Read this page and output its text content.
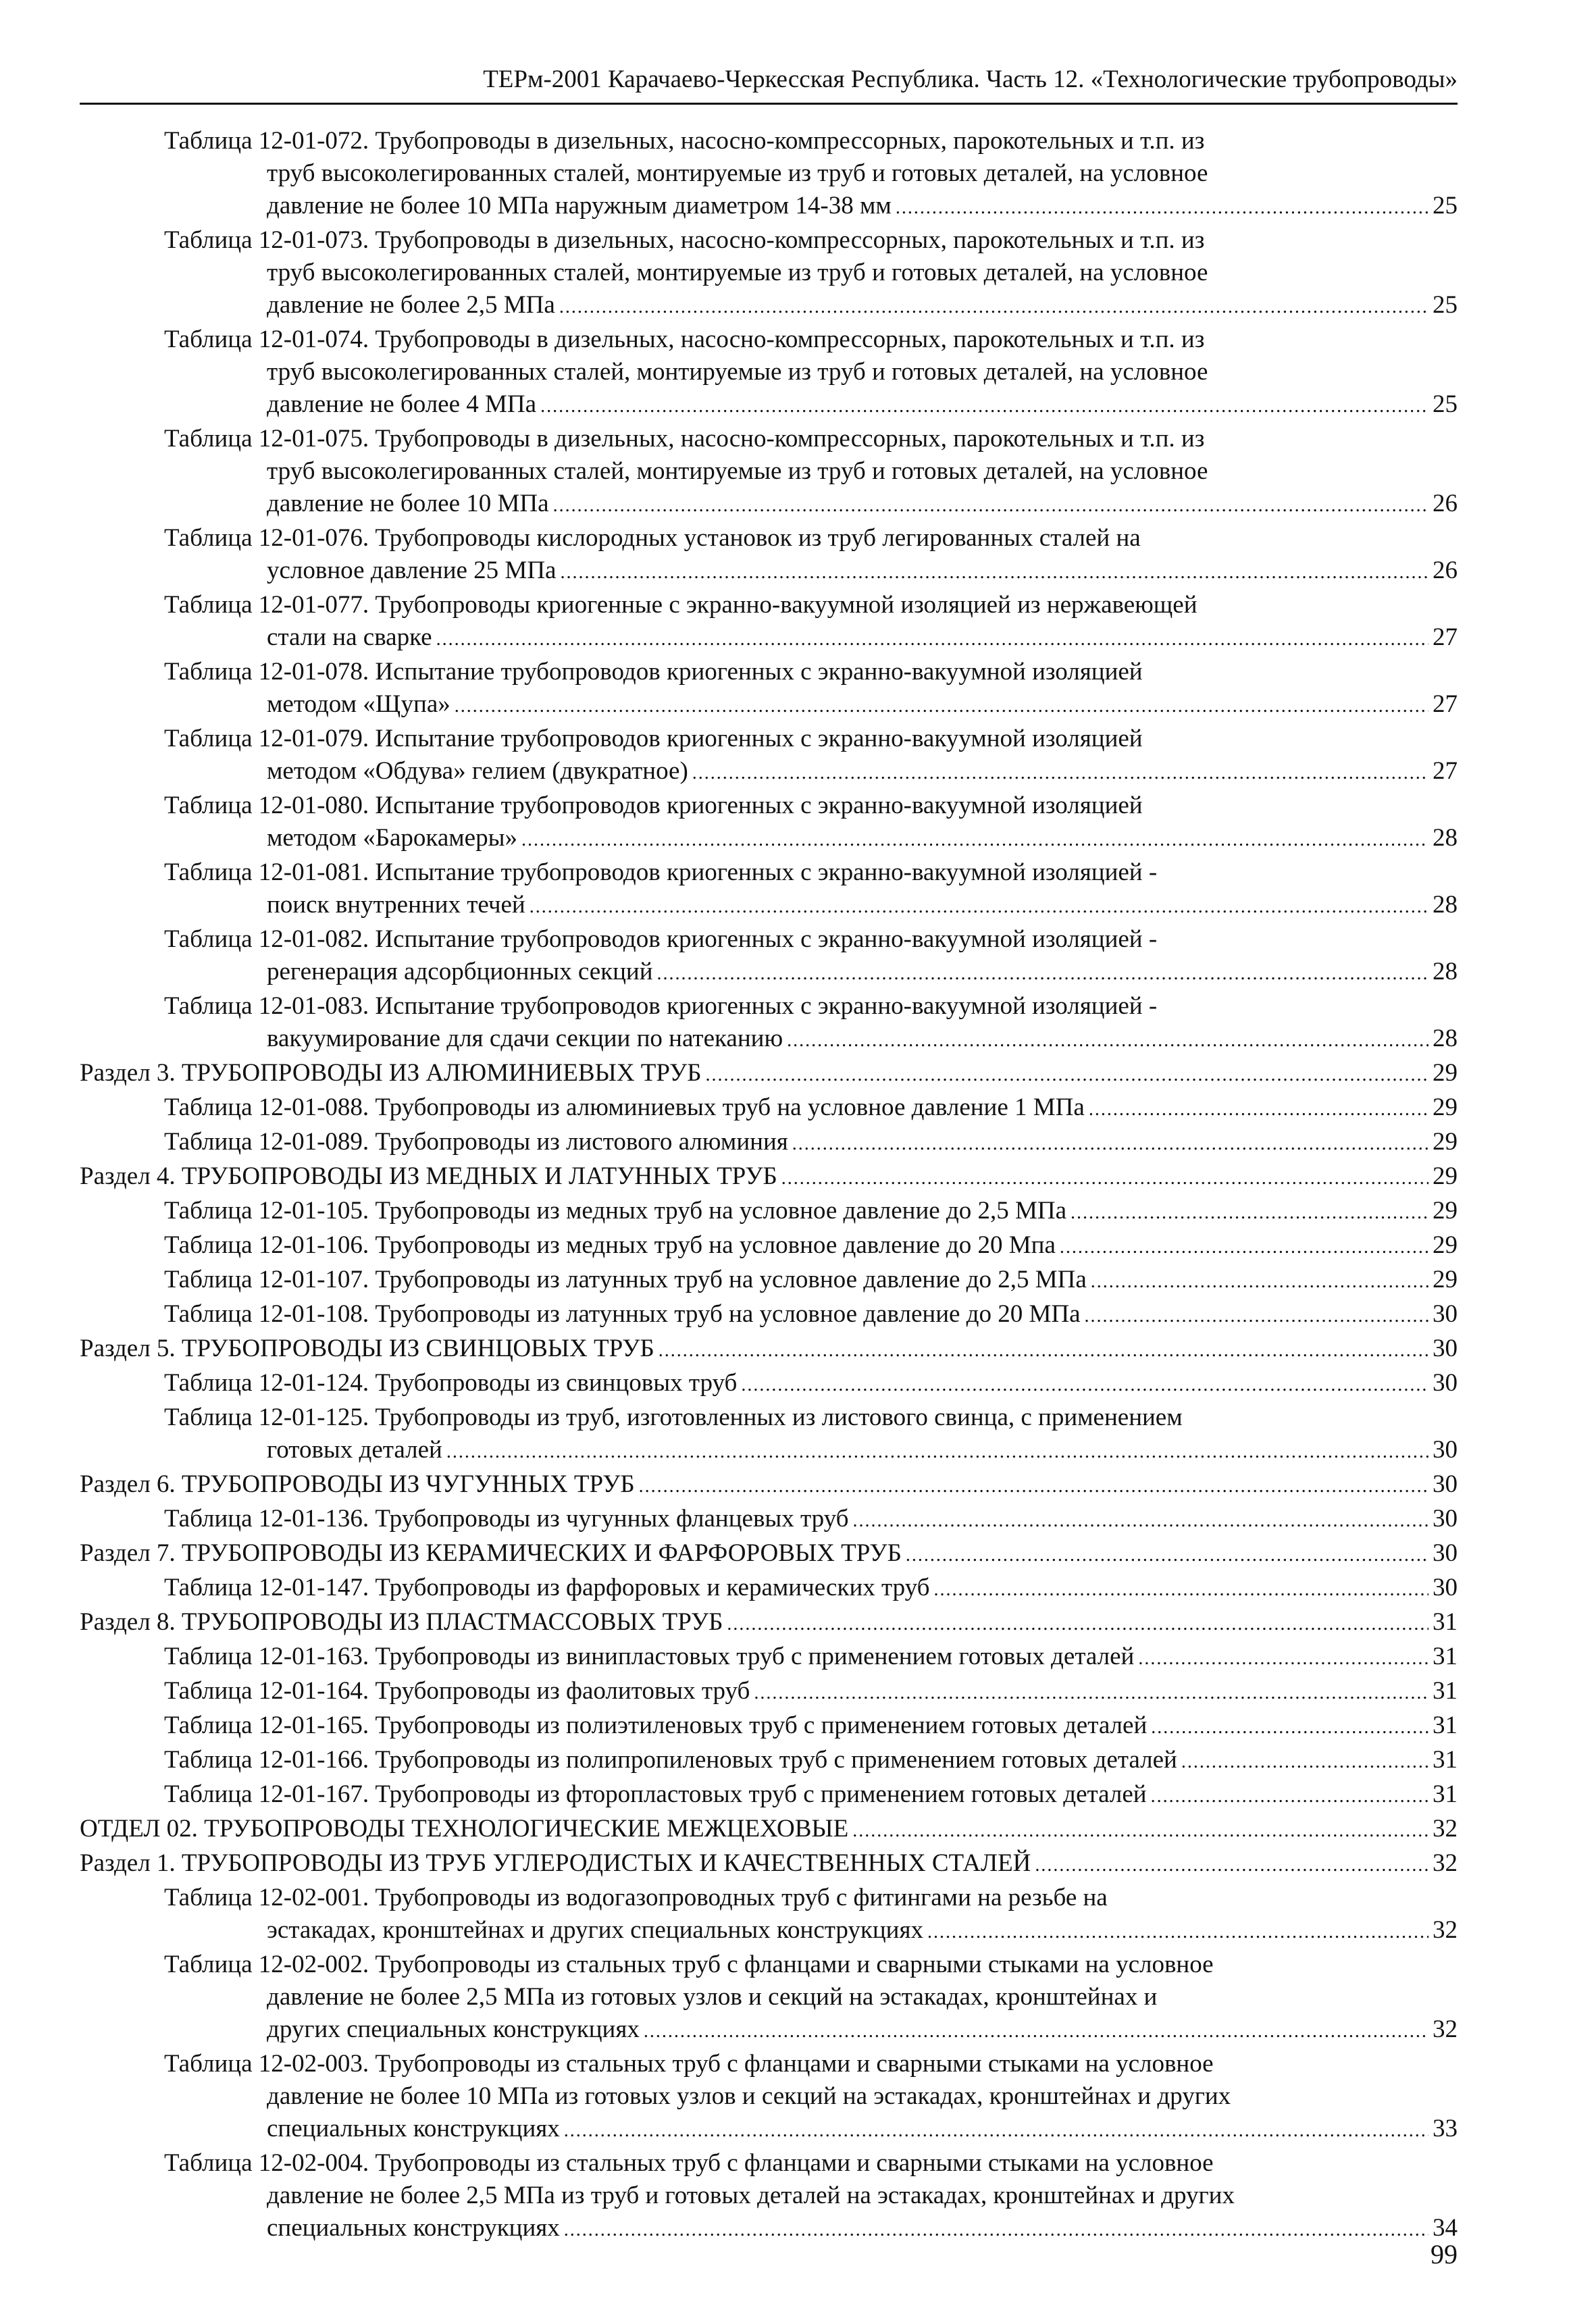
ТЕРм-2001 Карачаево-Черкесская Республика. Часть 12. «Технологические трубопроводы»
Таблица 12-01-072. Трубопроводы в дизельных, насосно-компрессорных, парокотельных и т.п. из
труб высоколегированных сталей, монтируемые из труб и готовых деталей, на условное
давление не более 10 МПа наружным диаметром 14-38 мм .....	25
Таблица 12-01-073. Трубопроводы в дизельных, насосно-компрессорных, парокотельных и т.п. из
труб высоколегированных сталей, монтируемые из труб и готовых деталей, на условное
давление не более 2,5 МПа .....	25
Таблица 12-01-074. Трубопроводы в дизельных, насосно-компрессорных, парокотельных и т.п. из
труб высоколегированных сталей, монтируемые из труб и готовых деталей, на условное
давление не более 4 МПа .....	25
Таблица 12-01-075. Трубопроводы в дизельных, насосно-компрессорных, парокотельных и т.п. из
труб высоколегированных сталей, монтируемые из труб и готовых деталей, на условное
давление не более 10 МПа .....	26
Таблица 12-01-076. Трубопроводы кислородных установок из труб легированных сталей на
условное давление 25 МПа .....	26
Таблица 12-01-077. Трубопроводы криогенные с экранно-вакуумной изоляцией из нержавеющей
стали на сварке .....	27
Таблица 12-01-078. Испытание трубопроводов криогенных с экранно-вакуумной изоляцией
методом «Щупа» .....	27
Таблица 12-01-079. Испытание трубопроводов криогенных с экранно-вакуумной изоляцией
методом «Обдува» гелием (двукратное) .....	27
Таблица 12-01-080. Испытание трубопроводов криогенных с экранно-вакуумной изоляцией
методом «Барокамеры» .....	28
Таблица 12-01-081. Испытание трубопроводов криогенных с экранно-вакуумной изоляцией -
поиск внутренних течей .....	28
Таблица 12-01-082. Испытание трубопроводов криогенных с экранно-вакуумной изоляцией -
регенерация адсорбционных секций .....	28
Таблица 12-01-083. Испытание трубопроводов криогенных с экранно-вакуумной изоляцией -
вакуумирование для сдачи секции по натеканию .....	28
Раздел 3. ТРУБОПРОВОДЫ ИЗ АЛЮМИНИЕВЫХ ТРУБ .....	29
Таблица 12-01-088. Трубопроводы из алюминиевых труб на условное давление 1 МПа .....	29
Таблица 12-01-089. Трубопроводы из листового алюминия .....	29
Раздел 4. ТРУБОПРОВОДЫ ИЗ МЕДНЫХ И ЛАТУННЫХ ТРУБ .....	29
Таблица 12-01-105. Трубопроводы из медных труб на условное давление до 2,5 МПа .....	29
Таблица 12-01-106. Трубопроводы из медных труб на условное давление до 20 Мпа .....	29
Таблица 12-01-107. Трубопроводы из латунных труб на условное давление до 2,5 МПа .....	29
Таблица 12-01-108. Трубопроводы из латунных труб на условное давление до 20 МПа .....	30
Раздел 5. ТРУБОПРОВОДЫ ИЗ СВИНЦОВЫХ ТРУБ .....	30
Таблица 12-01-124. Трубопроводы из свинцовых труб .....	30
Таблица 12-01-125. Трубопроводы из труб, изготовленных из листового свинца, с применением
готовых деталей .....	30
Раздел 6. ТРУБОПРОВОДЫ ИЗ ЧУГУННЫХ ТРУБ .....	30
Таблица 12-01-136. Трубопроводы из чугунных фланцевых труб .....	30
Раздел 7. ТРУБОПРОВОДЫ ИЗ КЕРАМИЧЕСКИХ И ФАРФОРОВЫХ ТРУБ .....	30
Таблица 12-01-147. Трубопроводы из фарфоровых и керамических труб .....	30
Раздел 8. ТРУБОПРОВОДЫ ИЗ ПЛАСТМАССОВЫХ ТРУБ .....	31
Таблица 12-01-163. Трубопроводы из винипластовых труб с применением готовых деталей .....	31
Таблица 12-01-164. Трубопроводы из фаолитовых труб .....	31
Таблица 12-01-165. Трубопроводы из полиэтиленовых труб с применением готовых деталей .....	31
Таблица 12-01-166. Трубопроводы из полипропиленовых труб с применением готовых деталей .....	31
Таблица 12-01-167. Трубопроводы из фторопластовых труб с применением готовых деталей .....	31
ОТДЕЛ 02. ТРУБОПРОВОДЫ ТЕХНОЛОГИЧЕСКИЕ МЕЖЦЕХОВЫЕ .....	32
Раздел 1. ТРУБОПРОВОДЫ ИЗ ТРУБ УГЛЕРОДИСТЫХ И КАЧЕСТВЕННЫХ СТАЛЕЙ .....	32
Таблица 12-02-001. Трубопроводы из водогазопроводных труб с фитингами на резьбе на
эстакадах, кронштейнах и других специальных конструкциях .....	32
Таблица 12-02-002. Трубопроводы из стальных труб с фланцами и сварными стыками на условное
давление не более 2,5 МПа из готовых узлов и секций на эстакадах, кронштейнах и
других специальных конструкциях .....	32
Таблица 12-02-003. Трубопроводы из стальных труб с фланцами и сварными стыками на условное
давление не более 10 МПа из готовых узлов и секций на эстакадах, кронштейнах и других
специальных конструкциях .....	33
Таблица 12-02-004. Трубопроводы из стальных труб с фланцами и сварными стыками на условное
давление не более 2,5 МПа из труб и готовых деталей на эстакадах, кронштейнах и других
специальных конструкциях .....	34
99
